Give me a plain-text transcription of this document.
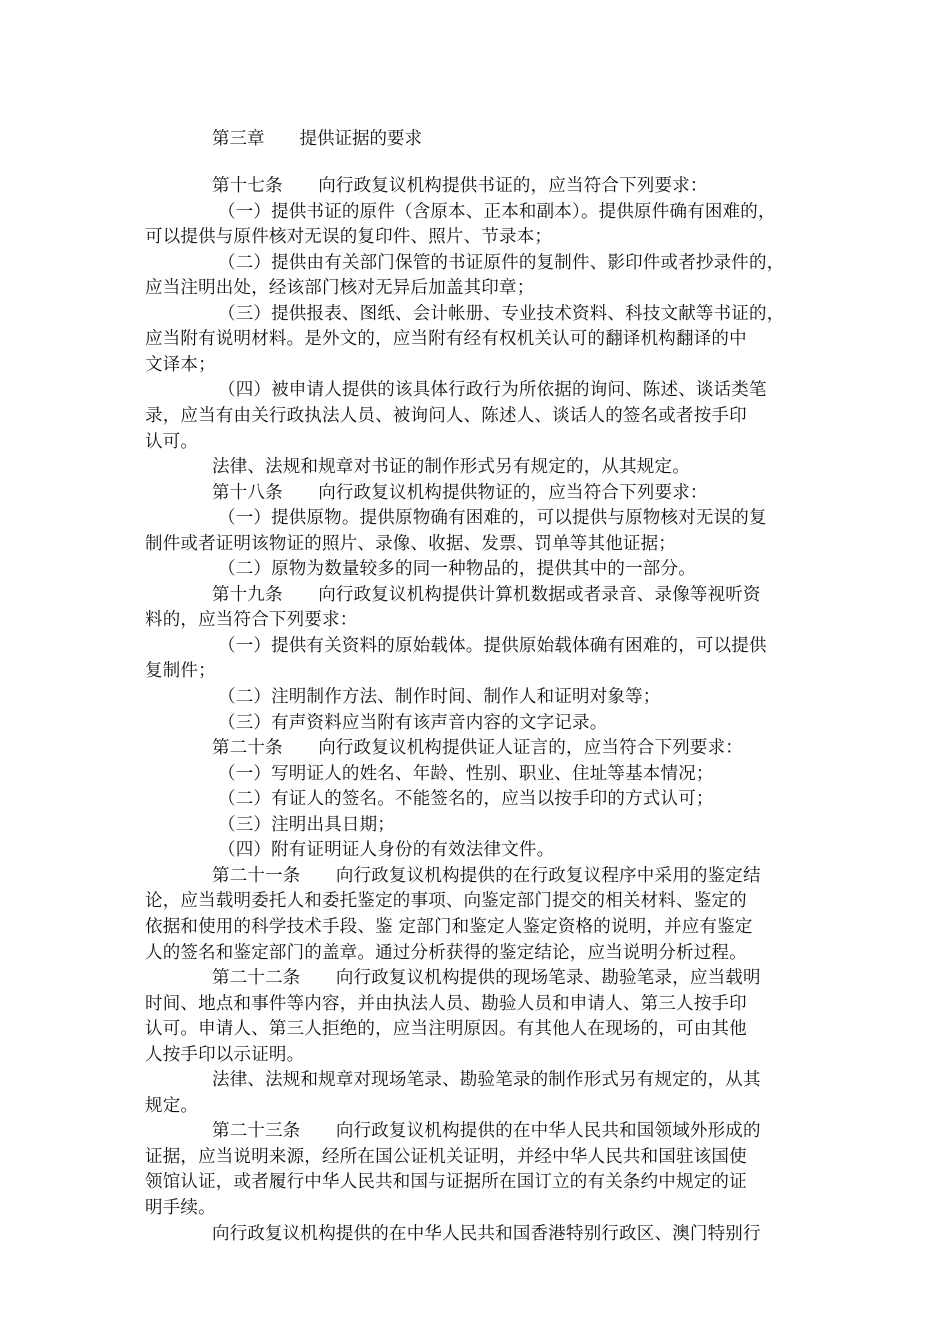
第三章　　提供证据的要求
第十七条　　向行政复议机构提供书证的，应当符合下列要求：
（一）提供书证的原件（含原本、正本和副本）。提供原件确有困难的，
可以提供与原件核对无误的复印件、照片、节录本；
（二）提供由有关部门保管的书证原件的复制件、影印件或者抄录件的，
应当注明出处，经该部门核对无异后加盖其印章；
（三）提供报表、图纸、会计帐册、专业技术资料、科技文献等书证的，
应当附有说明材料。是外文的，应当附有经有权机关认可的翻译机构翻译的中
文译本；
（四）被申请人提供的该具体行政行为所依据的询问、陈述、谈话类笔
录，应当有由关行政执法人员、被询问人、陈述人、谈话人的签名或者按手印
认可。
法律、法规和规章对书证的制作形式另有规定的，从其规定。
第十八条　　向行政复议机构提供物证的，应当符合下列要求：
（一）提供原物。提供原物确有困难的，可以提供与原物核对无误的复
制件或者证明该物证的照片、录像、收据、发票、罚单等其他证据；
（二）原物为数量较多的同一种物品的，提供其中的一部分。
第十九条　　向行政复议机构提供计算机数据或者录音、录像等视听资
料的，应当符合下列要求：
（一）提供有关资料的原始载体。提供原始载体确有困难的，可以提供
复制件；
（二）注明制作方法、制作时间、制作人和证明对象等；
（三）有声资料应当附有该声音内容的文字记录。
第二十条　　向行政复议机构提供证人证言的，应当符合下列要求：
（一）写明证人的姓名、年龄、性别、职业、住址等基本情况；
（二）有证人的签名。不能签名的，应当以按手印的方式认可；
（三）注明出具日期；
（四）附有证明证人身份的有效法律文件。
第二十一条　　向行政复议机构提供的在行政复议程序中采用的鉴定结
论，应当载明委托人和委托鉴定的事项、向鉴定部门提交的相关材料、鉴定的
依据和使用的科学技术手段、鉴 定部门和鉴定人鉴定资格的说明，并应有鉴定
人的签名和鉴定部门的盖章。通过分析获得的鉴定结论，应当说明分析过程。
第二十二条　　向行政复议机构提供的现场笔录、勘验笔录，应当载明
时间、地点和事件等内容，并由执法人员、勘验人员和申请人、第三人按手印
认可。申请人、第三人拒绝的，应当注明原因。有其他人在现场的，可由其他
人按手印以示证明。
法律、法规和规章对现场笔录、勘验笔录的制作形式另有规定的，从其
规定。
第二十三条　　向行政复议机构提供的在中华人民共和国领域外形成的
证据，应当说明来源，经所在国公证机关证明，并经中华人民共和国驻该国使
领馆认证，或者履行中华人民共和国与证据所在国订立的有关条约中规定的证
明手续。
向行政复议机构提供的在中华人民共和国香港特别行政区、澳门特别行
